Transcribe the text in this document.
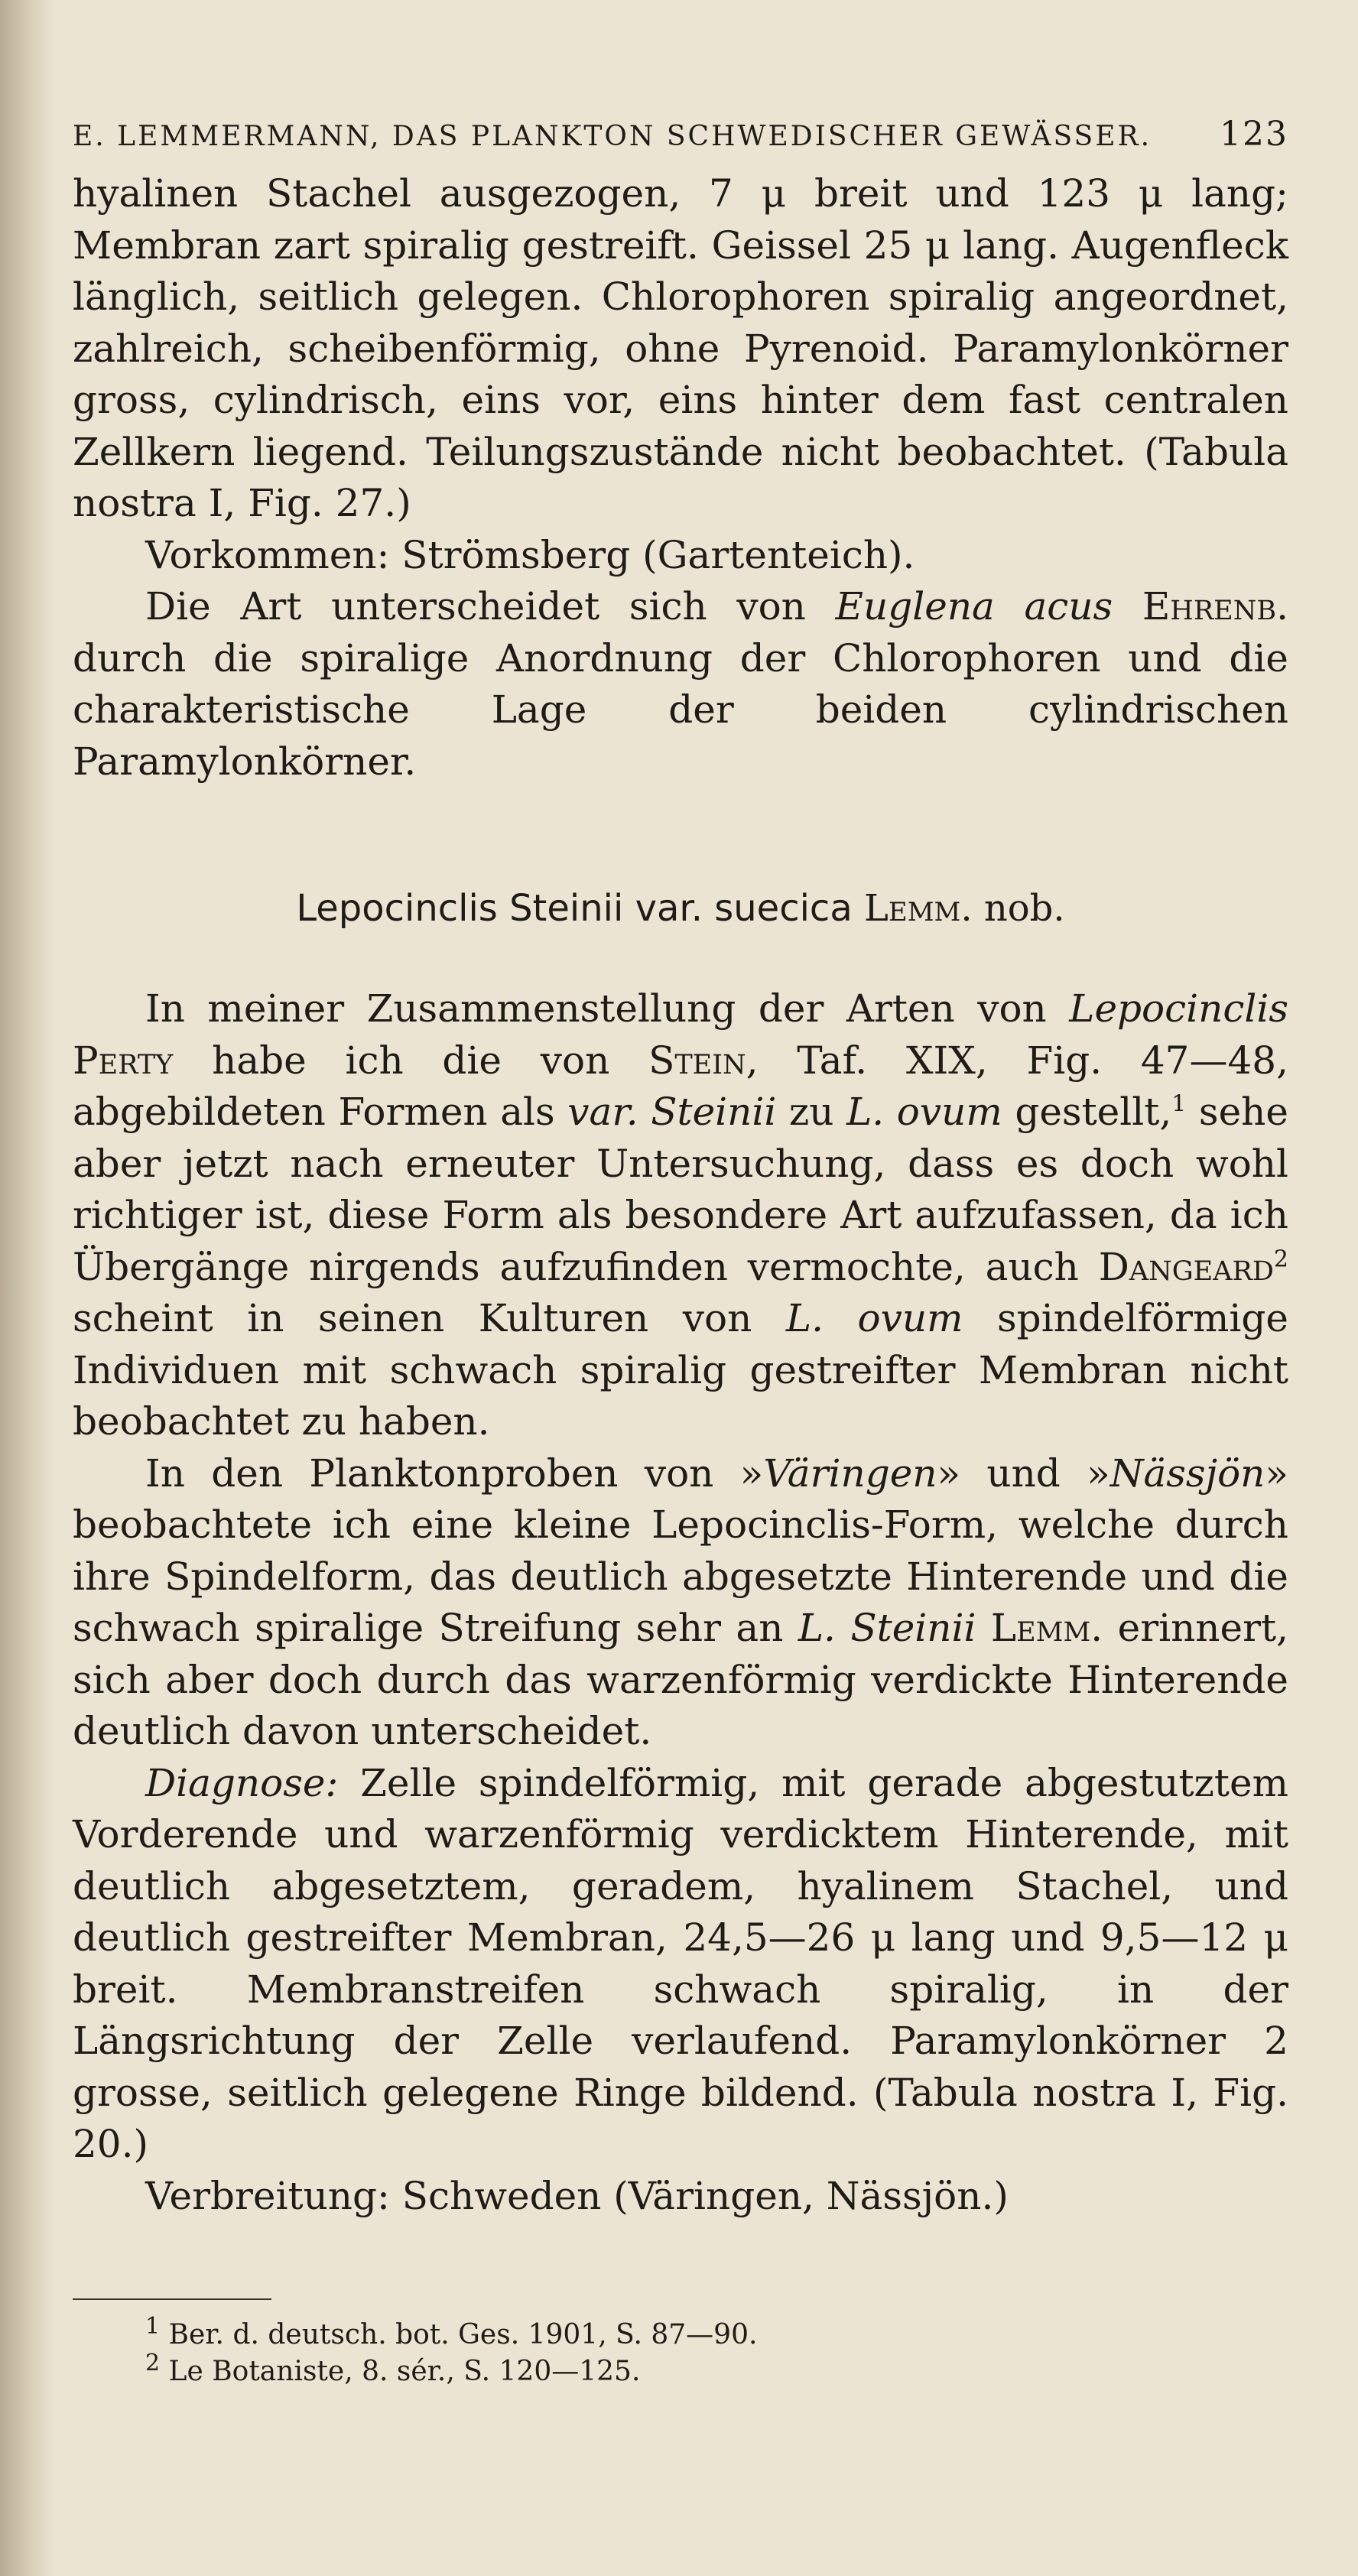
E. LEMMERMANN, DAS PLANKTON SCHWEDISCHER GEWÄSSER. 123

hyalinen Stachel ausgezogen, 7 μ breit und 123 μ lang; Membran zart spiralig gestreift. Geissel 25 μ lang. Augenfleck länglich, seitlich gelegen. Chlorophoren spiralig angeordnet, zahlreich, scheibenförmig, ohne Pyrenoid. Paramylonkörner gross, cylindrisch, eins vor, eins hinter dem fast centralen Zellkern liegend. Teilungszustände nicht beobachtet. (Tabula nostra I, Fig. 27.)

Vorkommen: Strömsberg (Gartenteich).

Die Art unterscheidet sich von Euglena acus Ehrenb. durch die spiralige Anordnung der Chlorophoren und die charakteristische Lage der beiden cylindrischen Paramylonkörner.

Lepocinclis Steinii var. suecica Lemm. nob.

In meiner Zusammenstellung der Arten von Lepocinclis Perty habe ich die von Stein, Taf. XIX, Fig. 47—48, abgebildeten Formen als var. Steinii zu L. ovum gestellt,$^1$ sehe aber jetzt nach erneuter Untersuchung, dass es doch wohl richtiger ist, diese Form als besondere Art aufzufassen, da ich Übergänge nirgends aufzufinden vermochte, auch Dangeard$^2$ scheint in seinen Kulturen von L. ovum spindelförmige Individuen mit schwach spiralig gestreifter Membran nicht beobachtet zu haben.

In den Planktonproben von »Väringen» und »Nässjön» beobachtete ich eine kleine Lepocinclis-Form, welche durch ihre Spindelform, das deutlich abgesetzte Hinterende und die schwach spiralige Streifung sehr an L. Steinii Lemm. erinnert, sich aber doch durch das warzenförmig verdickte Hinterende deutlich davon unterscheidet.

Diagnose: Zelle spindelförmig, mit gerade abgestutztem Vorderende und warzenförmig verdicktem Hinterende, mit deutlich abgesetztem, geradem, hyalinem Stachel, und deutlich gestreifter Membran, 24,5—26 μ lang und 9,5—12 μ breit. Membranstreifen schwach spiralig, in der Längsrichtung der Zelle verlaufend. Paramylonkörner 2 grosse, seitlich gelegene Ringe bildend. (Tabula nostra I, Fig. 20.)

Verbreitung: Schweden (Väringen, Nässjön.)

$^1$ Ber. d. deutsch. bot. Ges. 1901, S. 87—90.
$^2$ Le Botaniste, 8. sér., S. 120—125.
